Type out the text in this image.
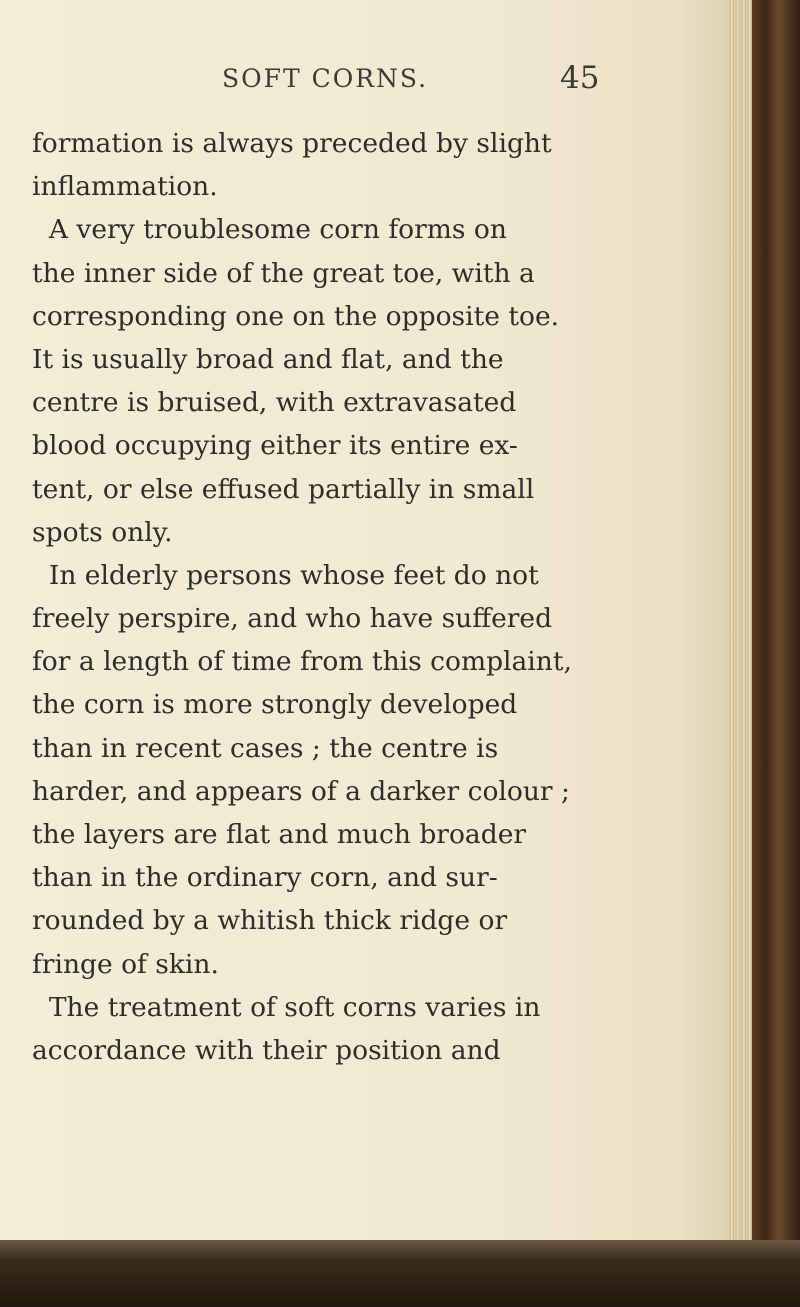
SOFT CORNS.	45
formation is always preceded by slight
inflammation.
A very troublesome corn forms on
the inner side of the great toe, with a
corresponding one on the opposite toe.
It is usually broad and flat, and the
centre is bruised, with extravasated
blood occupying either its entire ex-
tent, or else effused partially in small
spots only.
In elderly persons whose feet do not
freely perspire, and who have suffered
for a length of time from this complaint,
the corn is more strongly developed
than in recent cases ; the centre is
harder, and appears of a darker colour ;
the layers are flat and much broader
than in the ordinary corn, and sur-
rounded by a whitish thick ridge or
fringe of skin.
The treatment of soft corns varies in
accordance with their position and
